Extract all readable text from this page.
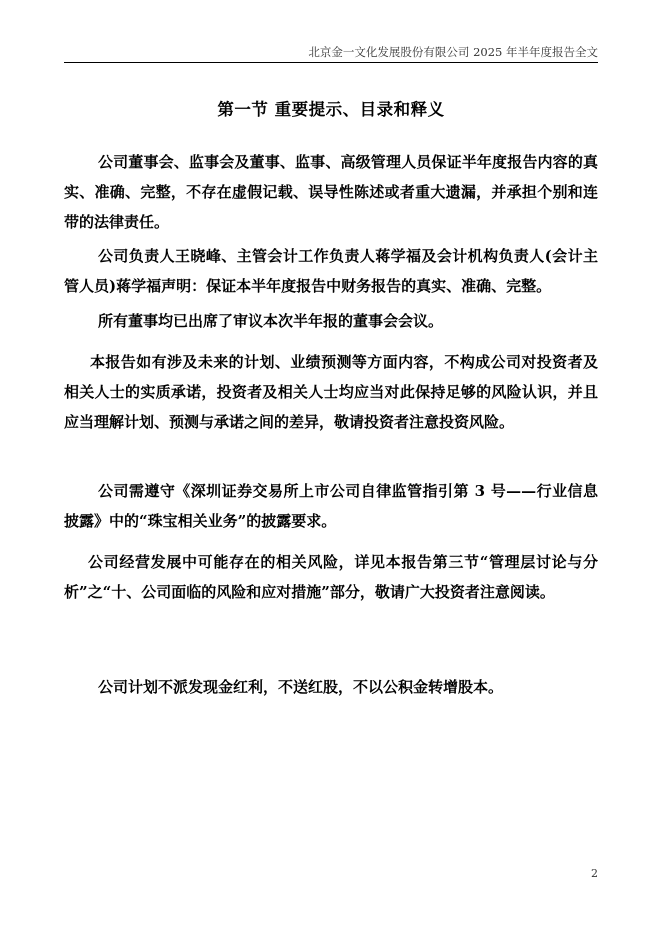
北京金一文化发展股份有限公司 2025 年半年度报告全文
第一节 重要提示、目录和释义

公司董事会、监事会及董事、监事、高级管理人员保证半年度报告内容的真实、准确、完整，不存在虚假记载、误导性陈述或者重大遗漏，并承担个别和连带的法律责任。

公司负责人王晓峰、主管会计工作负责人蒋学福及会计机构负责人(会计主管人员)蒋学福声明：保证本半年度报告中财务报告的真实、准确、完整。

所有董事均已出席了审议本次半年报的董事会会议。

本报告如有涉及未来的计划、业绩预测等方面内容，不构成公司对投资者及相关人士的实质承诺，投资者及相关人士均应当对此保持足够的风险认识，并且应当理解计划、预测与承诺之间的差异，敬请投资者注意投资风险。

公司需遵守《深圳证券交易所上市公司自律监管指引第 3 号——行业信息披露》中的“珠宝相关业务”的披露要求。

公司经营发展中可能存在的相关风险，详见本报告第三节“管理层讨论与分析”之“十、公司面临的风险和应对措施”部分，敬请广大投资者注意阅读。

公司计划不派发现金红利，不送红股，不以公积金转增股本。

2
